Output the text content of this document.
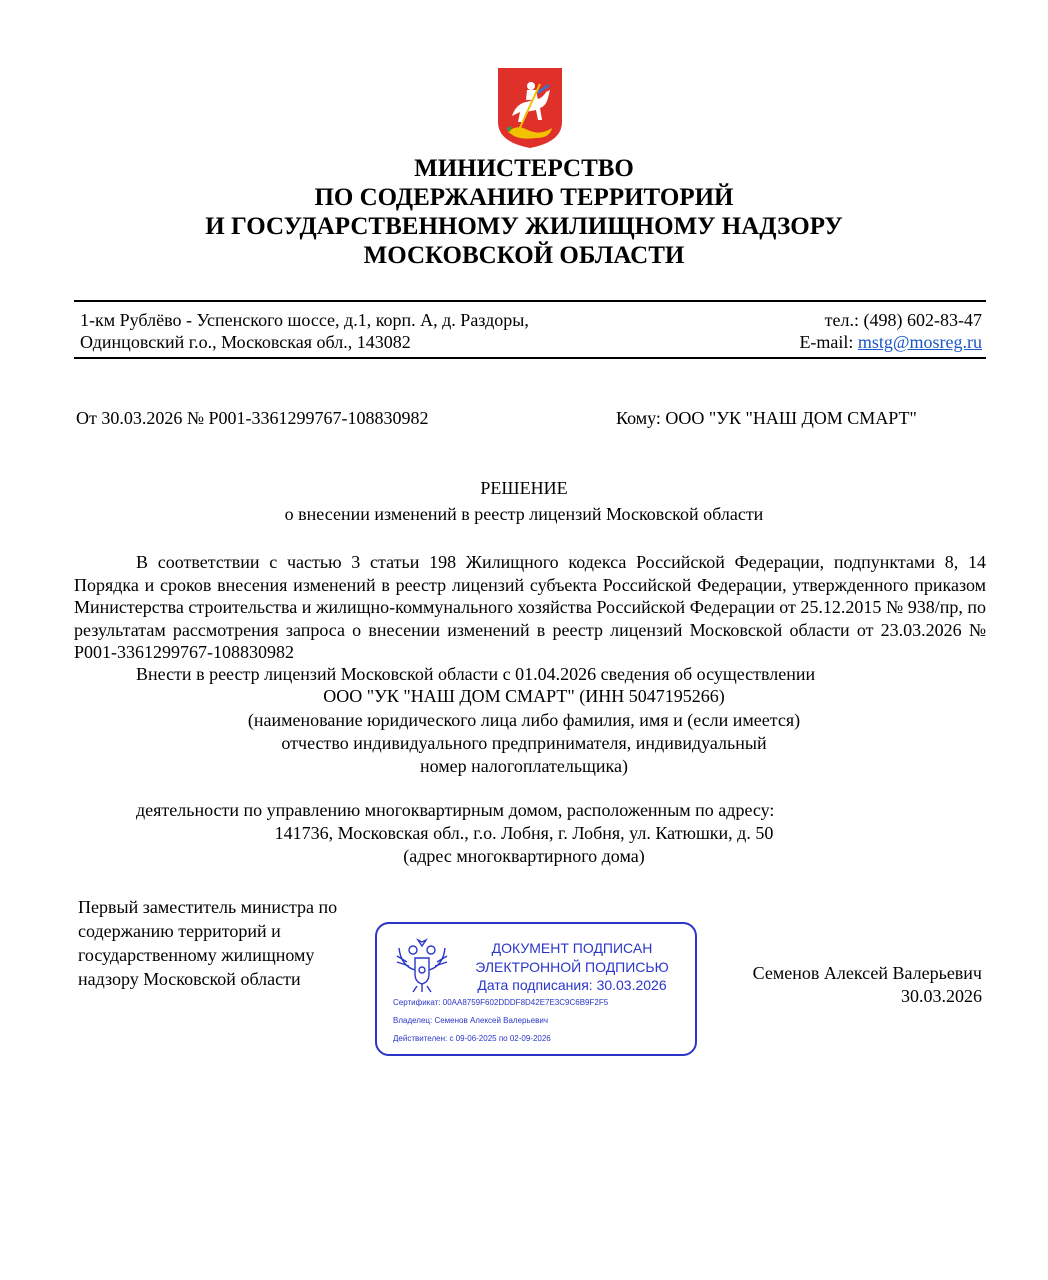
МИНИСТЕРСТВО
ПО СОДЕРЖАНИЮ ТЕРРИТОРИЙ
И ГОСУДАРСТВЕННОМУ ЖИЛИЩНОМУ НАДЗОРУ
МОСКОВСКОЙ ОБЛАСТИ
1-км Рублёво - Успенского шоссе, д.1, корп. А, д. Раздоры,
Одинцовский г.о., Московская обл., 143082
тел.: (498) 602-83-47
E-mail: mstg@mosreg.ru
От 30.03.2026 № Р001-3361299767-108830982	Кому: ООО "УК "НАШ ДОМ СМАРТ"
РЕШЕНИЕ
о внесении изменений в реестр лицензий Московской области
В соответствии с частью 3 статьи 198 Жилищного кодекса Российской Федерации, подпунктами 8, 14 Порядка и сроков внесения изменений в реестр лицензий субъекта Российской Федерации, утвержденного приказом Министерства строительства и жилищно-коммунального хозяйства Российской Федерации от 25.12.2015 № 938/пр, по результатам рассмотрения запроса о внесении изменений в реестр лицензий Московской области от 23.03.2026 № Р001-3361299767-108830982
Внести в реестр лицензий Московской области с 01.04.2026 сведения об осуществлении
ООО "УК "НАШ ДОМ СМАРТ" (ИНН 5047195266)
(наименование юридического лица либо фамилия, имя и (если имеется)
отчество индивидуального предпринимателя, индивидуальный
номер налогоплательщика)
деятельности по управлению многоквартирным домом, расположенным по адресу:
141736, Московская обл., г.о. Лобня, г. Лобня, ул. Катюшки, д. 50
(адрес многоквартирного дома)
Первый заместитель министра по содержанию территорий и государственному жилищному надзору Московской области
ДОКУМЕНТ ПОДПИСАН
ЭЛЕКТРОННОЙ ПОДПИСЬЮ
Дата подписания: 30.03.2026
Сертификат: 00AA8759F602DDDF8D42E7E3C9C6B9F2F5
Владелец: Семенов Алексей Валерьевич
Действителен: с 09-06-2025 по 02-09-2026
Семенов Алексей Валерьевич
30.03.2026
